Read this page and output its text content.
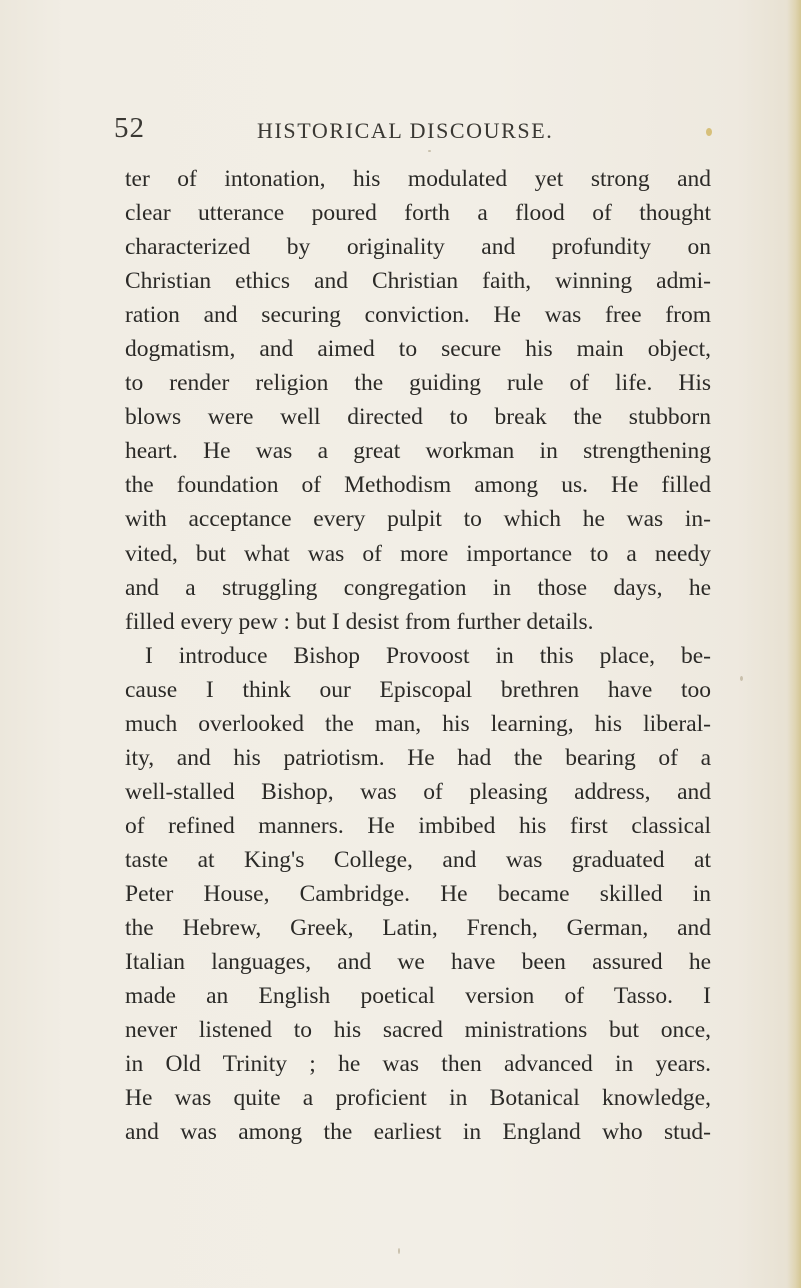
52	HISTORICAL DISCOURSE.
ter of intonation, his modulated yet strong and
clear utterance poured forth a flood of thought
characterized by originality and profundity on
Christian ethics and Christian faith, winning admi-
ration and securing conviction. He was free from
dogmatism, and aimed to secure his main object,
to render religion the guiding rule of life. His
blows were well directed to break the stubborn
heart. He was a great workman in strengthening
the foundation of Methodism among us. He filled
with acceptance every pulpit to which he was in-
vited, but what was of more importance to a needy
and a struggling congregation in those days, he
filled every pew : but I desist from further details.
I introduce Bishop Provoost in this place, be-
cause I think our Episcopal brethren have too
much overlooked the man, his learning, his liberal-
ity, and his patriotism. He had the bearing of a
well-stalled Bishop, was of pleasing address, and
of refined manners. He imbibed his first classical
taste at King's College, and was graduated at
Peter House, Cambridge. He became skilled in
the Hebrew, Greek, Latin, French, German, and
Italian languages, and we have been assured he
made an English poetical version of Tasso. I
never listened to his sacred ministrations but once,
in Old Trinity ; he was then advanced in years.
He was quite a proficient in Botanical knowledge,
and was among the earliest in England who stud-
